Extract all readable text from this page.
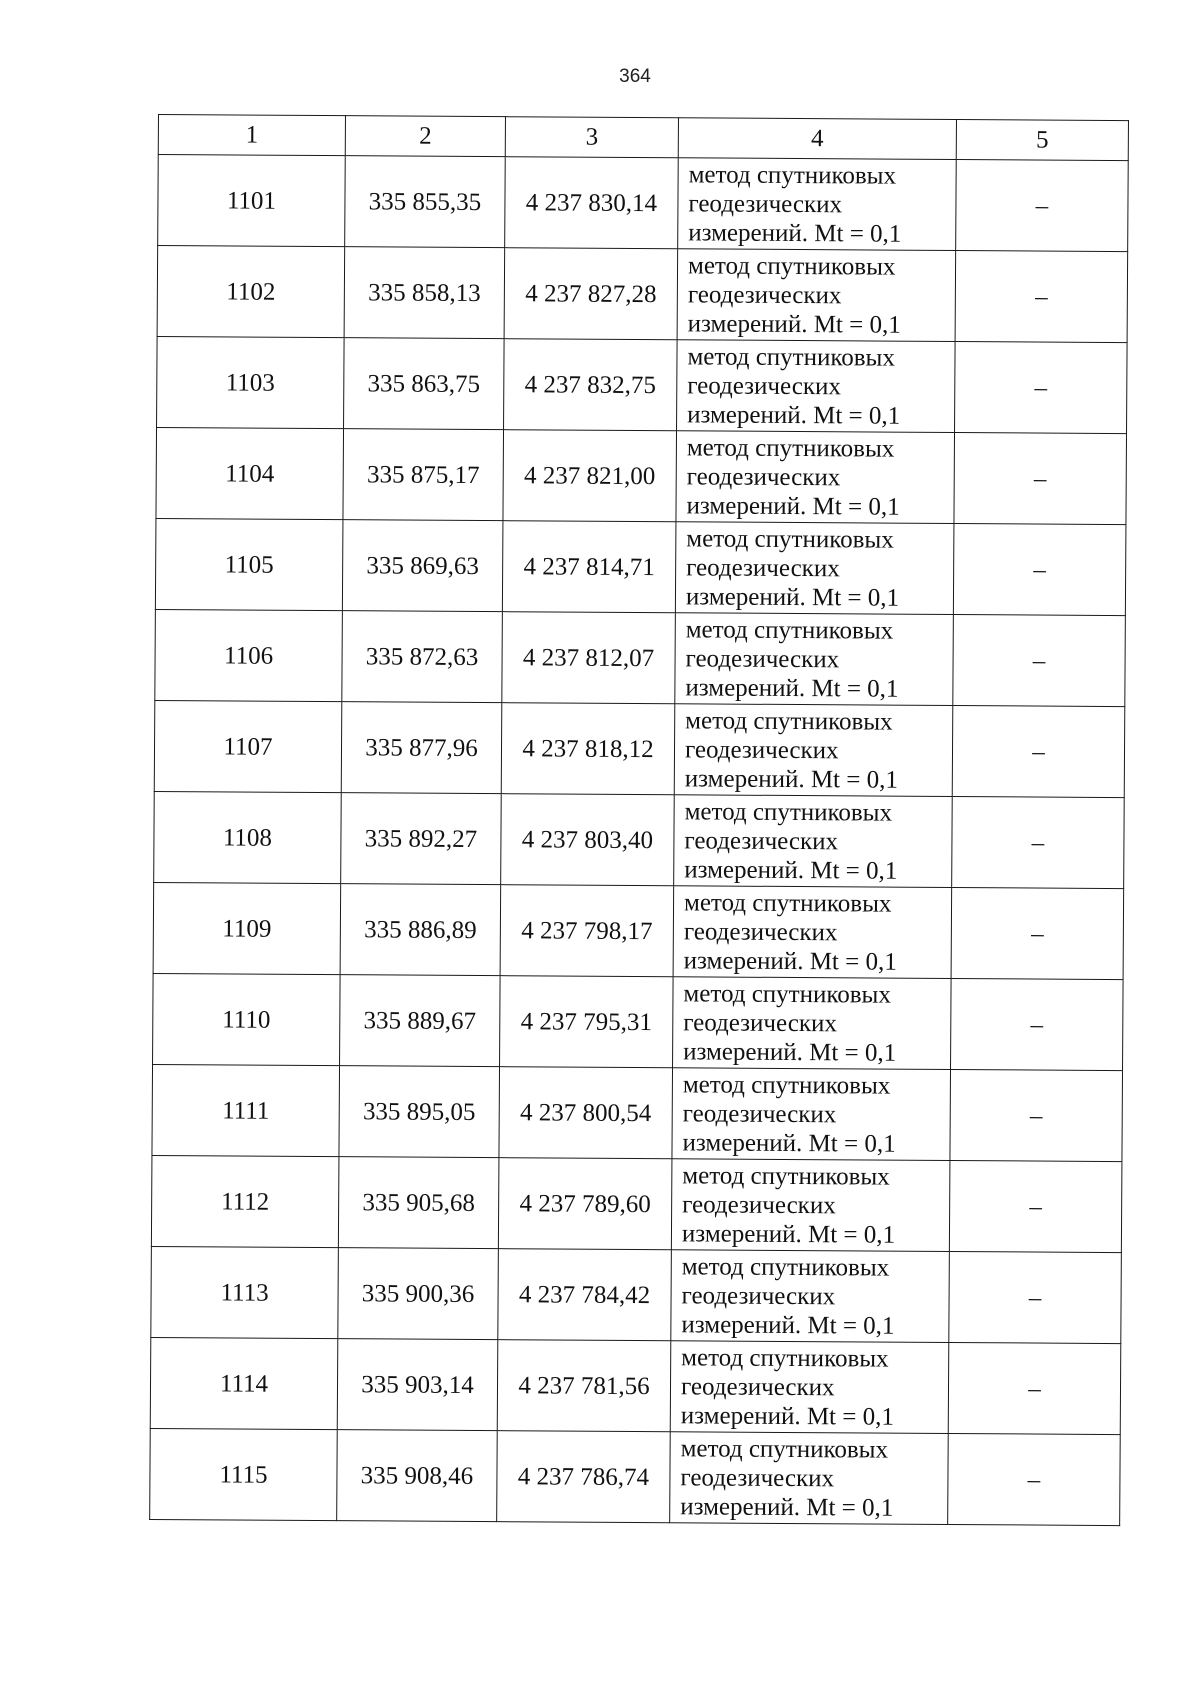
364
1	2	3	4	5
1101	335 855,35	4 237 830,14	метод спутниковых
геодезических
измерений. Mt = 0,1	–
1102	335 858,13	4 237 827,28	метод спутниковых
геодезических
измерений. Mt = 0,1	–
1103	335 863,75	4 237 832,75	метод спутниковых
геодезических
измерений. Mt = 0,1	–
1104	335 875,17	4 237 821,00	метод спутниковых
геодезических
измерений. Mt = 0,1	–
1105	335 869,63	4 237 814,71	метод спутниковых
геодезических
измерений. Mt = 0,1	–
1106	335 872,63	4 237 812,07	метод спутниковых
геодезических
измерений. Mt = 0,1	–
1107	335 877,96	4 237 818,12	метод спутниковых
геодезических
измерений. Mt = 0,1	–
1108	335 892,27	4 237 803,40	метод спутниковых
геодезических
измерений. Mt = 0,1	–
1109	335 886,89	4 237 798,17	метод спутниковых
геодезических
измерений. Mt = 0,1	–
1110	335 889,67	4 237 795,31	метод спутниковых
геодезических
измерений. Mt = 0,1	–
1111	335 895,05	4 237 800,54	метод спутниковых
геодезических
измерений. Mt = 0,1	–
1112	335 905,68	4 237 789,60	метод спутниковых
геодезических
измерений. Mt = 0,1	–
1113	335 900,36	4 237 784,42	метод спутниковых
геодезических
измерений. Mt = 0,1	–
1114	335 903,14	4 237 781,56	метод спутниковых
геодезических
измерений. Mt = 0,1	–
1115	335 908,46	4 237 786,74	метод спутниковых
геодезических
измерений. Mt = 0,1	–
